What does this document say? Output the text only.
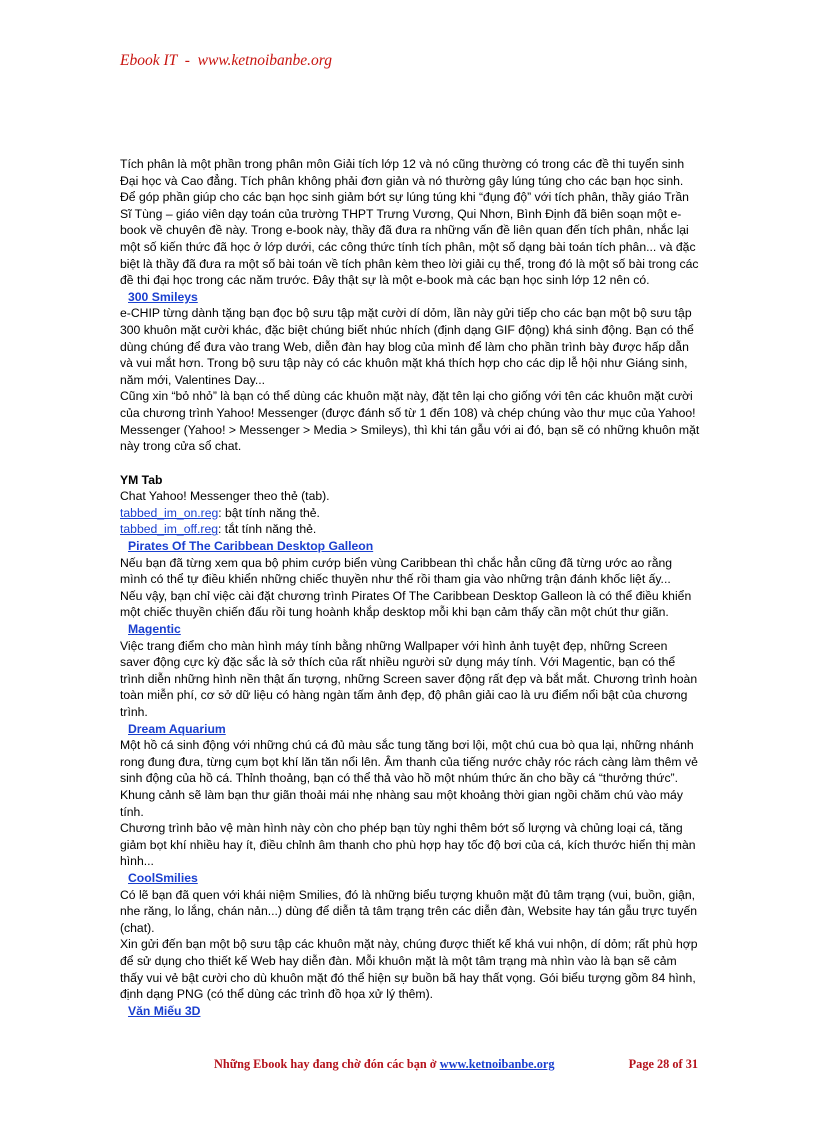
Ebook IT  -  www.ketnoibanbe.org

Tích phân là một phần trong phân môn Giải tích lớp 12 và nó cũng thường có trong các đề thi tuyển sinh Đại học và Cao đẳng. Tích phân không phải đơn giản và nó thường gây lúng túng cho các bạn học sinh. Để góp phần giúp cho các bạn học sinh giảm bớt sự lúng túng khi “đụng độ” với tích phân, thầy giáo Trần Sĩ Tùng – giáo viên dạy toán của trường THPT Trưng Vương, Qui Nhơn, Bình Định đã biên soạn một e-book về chuyên đề này. Trong e-book này, thầy đã đưa ra những vấn đề liên quan đến tích phân, nhắc lại một số kiến thức đã học ở lớp dưới, các công thức tính tích phân, một số dạng bài toán tích phân... và đặc biệt là thầy đã đưa ra một số bài toán về tích phân kèm theo lời giải cụ thể, trong đó là một số bài trong các đề thi đại học trong các năm trước. Đây thật sự là một e-book mà các bạn học sinh lớp 12 nên có.

300 Smileys

e-CHIP từng dành tặng bạn đọc bộ sưu tập mặt cười dí dỏm, lần này gửi tiếp cho các bạn một bộ sưu tập 300 khuôn mặt cười khác, đặc biệt chúng biết nhúc nhích (định dạng GIF động) khá sinh động. Bạn có thể dùng chúng để đưa vào trang Web, diễn đàn hay blog của mình để làm cho phần trình bày được hấp dẫn và vui mắt hơn. Trong bộ sưu tập này có các khuôn mặt khá thích hợp cho các dịp lễ hội như Giáng sinh, năm mới, Valentines Day...

Cũng xin “bỏ nhỏ” là bạn có thể dùng các khuôn mặt này, đặt tên lại cho giống với tên các khuôn mặt cười của chương trình Yahoo! Messenger (được đánh số từ 1 đến 108) và chép chúng vào thư mục của Yahoo! Messenger (Yahoo! > Messenger > Media > Smileys), thì khi tán gẫu với ai đó, bạn sẽ có những khuôn mặt này trong cửa sổ chat.

YM Tab

Chat Yahoo! Messenger theo thẻ (tab).

tabbed_im_on.reg: bật tính năng thẻ.

tabbed_im_off.reg: tắt tính năng thẻ.

Pirates Of The Caribbean Desktop Galleon

Nếu bạn đã từng xem qua bộ phim cướp biển vùng Caribbean thì chắc hẳn cũng đã từng ước ao rằng mình có thể tự điều khiển những chiếc thuyền như thế rồi tham gia vào những trận đánh khốc liệt ấy...

Nếu vậy, bạn chỉ việc cài đặt chương trình Pirates Of The Caribbean Desktop Galleon là có thể điều khiển một chiếc thuyền chiến đấu rồi tung hoành khắp desktop mỗi khi bạn cảm thấy cần một chút thư giãn.

Magentic

Việc trang điểm cho màn hình máy tính bằng những Wallpaper với hình ảnh tuyệt đẹp, những Screen saver động cực kỳ đặc sắc là sở thích của rất nhiều người sử dụng máy tính. Với Magentic, bạn có thể trình diễn những hình nền thật ấn tượng, những Screen saver động rất đẹp và bắt mắt. Chương trình hoàn toàn miễn phí, cơ sở dữ liệu có hàng ngàn tấm ảnh đẹp, độ phân giải cao là ưu điểm nổi bật của chương trình.

Dream Aquarium

Một hồ cá sinh động với những chú cá đủ màu sắc tung tăng bơi lội, một chú cua bò qua lại, những nhánh rong đung đưa, từng cụm bọt khí lăn tăn nổi lên. Âm thanh của tiếng nước chảy róc rách càng làm thêm vẻ sinh động của hồ cá. Thỉnh thoảng, bạn có thể thả vào hồ một nhúm thức ăn cho bầy cá “thưởng thức”. Khung cảnh sẽ làm bạn thư giãn thoải mái nhẹ nhàng sau một khoảng thời gian ngồi chăm chú vào máy tính.

Chương trình bảo vệ màn hình này còn cho phép bạn tùy nghi thêm bớt số lượng và chủng loại cá, tăng giảm bọt khí nhiều hay ít, điều chỉnh âm thanh cho phù hợp hay tốc độ bơi của cá, kích thước hiển thị màn hình...

CoolSmilies

Có lẽ bạn đã quen với khái niệm Smilies, đó là những biểu tượng khuôn mặt đủ tâm trạng (vui, buồn, giận, nhe răng, lo lắng, chán nản...) dùng để diễn tả tâm trạng trên các diễn đàn, Website hay tán gẫu trực tuyến (chat).

Xin gửi đến bạn một bộ sưu tập các khuôn mặt này, chúng được thiết kế khá vui nhộn, dí dỏm; rất phù hợp để sử dụng cho thiết kế Web hay diễn đàn. Mỗi khuôn mặt là một tâm trạng mà nhìn vào là bạn sẽ cảm thấy vui vẻ bật cười cho dù khuôn mặt đó thể hiện sự buồn bã hay thất vọng. Gói biểu tượng gồm 84 hình, định dạng PNG (có thể dùng các trình đồ họa xử lý thêm).

Văn Miếu 3D

Những Ebook hay đang chờ đón các bạn ở www.ketnoibanbe.org	Page 28 of 31
